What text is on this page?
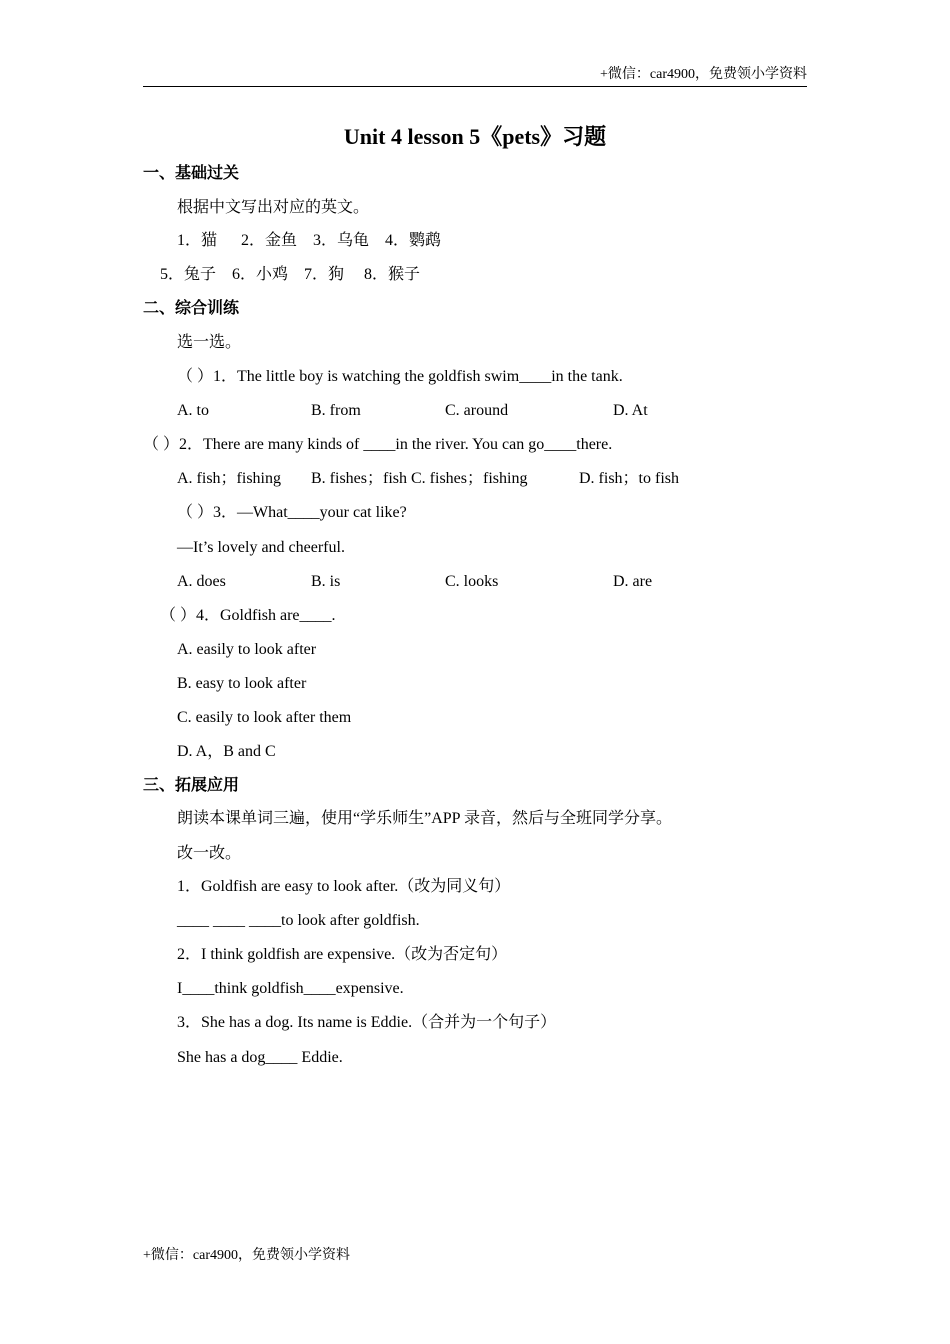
+微信：car4900，免费领小学资料
Unit 4 lesson 5《pets》习题
一、基础过关
根据中文写出对应的英文。
1．猫　  2．金鱼　3．乌龟　4．鹦鹉
5．兔子　6．小鸡　7．狗　 8．猴子
二、综合训练
选一选。
（ ）1．The little boy is watching the goldfish swim____in the tank.
A. to	B. from	C. around	D. At
（ ）2．There are many kinds of ____in the river. You can go____there.
A. fish；fishing B. fishes；fish C. fishes；fishing	D. fish；to fish
（ ）3．—What____your cat like?
—It’s lovely and cheerful.
A. does	B. is	C. looks	D. are
（ ）4．Goldfish are____.
A. easily to look after
B. easy to look after
C. easily to look after them
D. A，B and C
三、拓展应用
朗读本课单词三遍，使用“学乐师生”APP 录音，然后与全班同学分享。
改一改。
1．Goldfish are easy to look after.（改为同义句）
____ ____ ____to look after goldfish.
2．I think goldfish are expensive.（改为否定句）
I____think goldfish____expensive.
3．She has a dog. Its name is Eddie.（合并为一个句子）
She has a dog____ Eddie.
+微信：car4900，免费领小学资料
